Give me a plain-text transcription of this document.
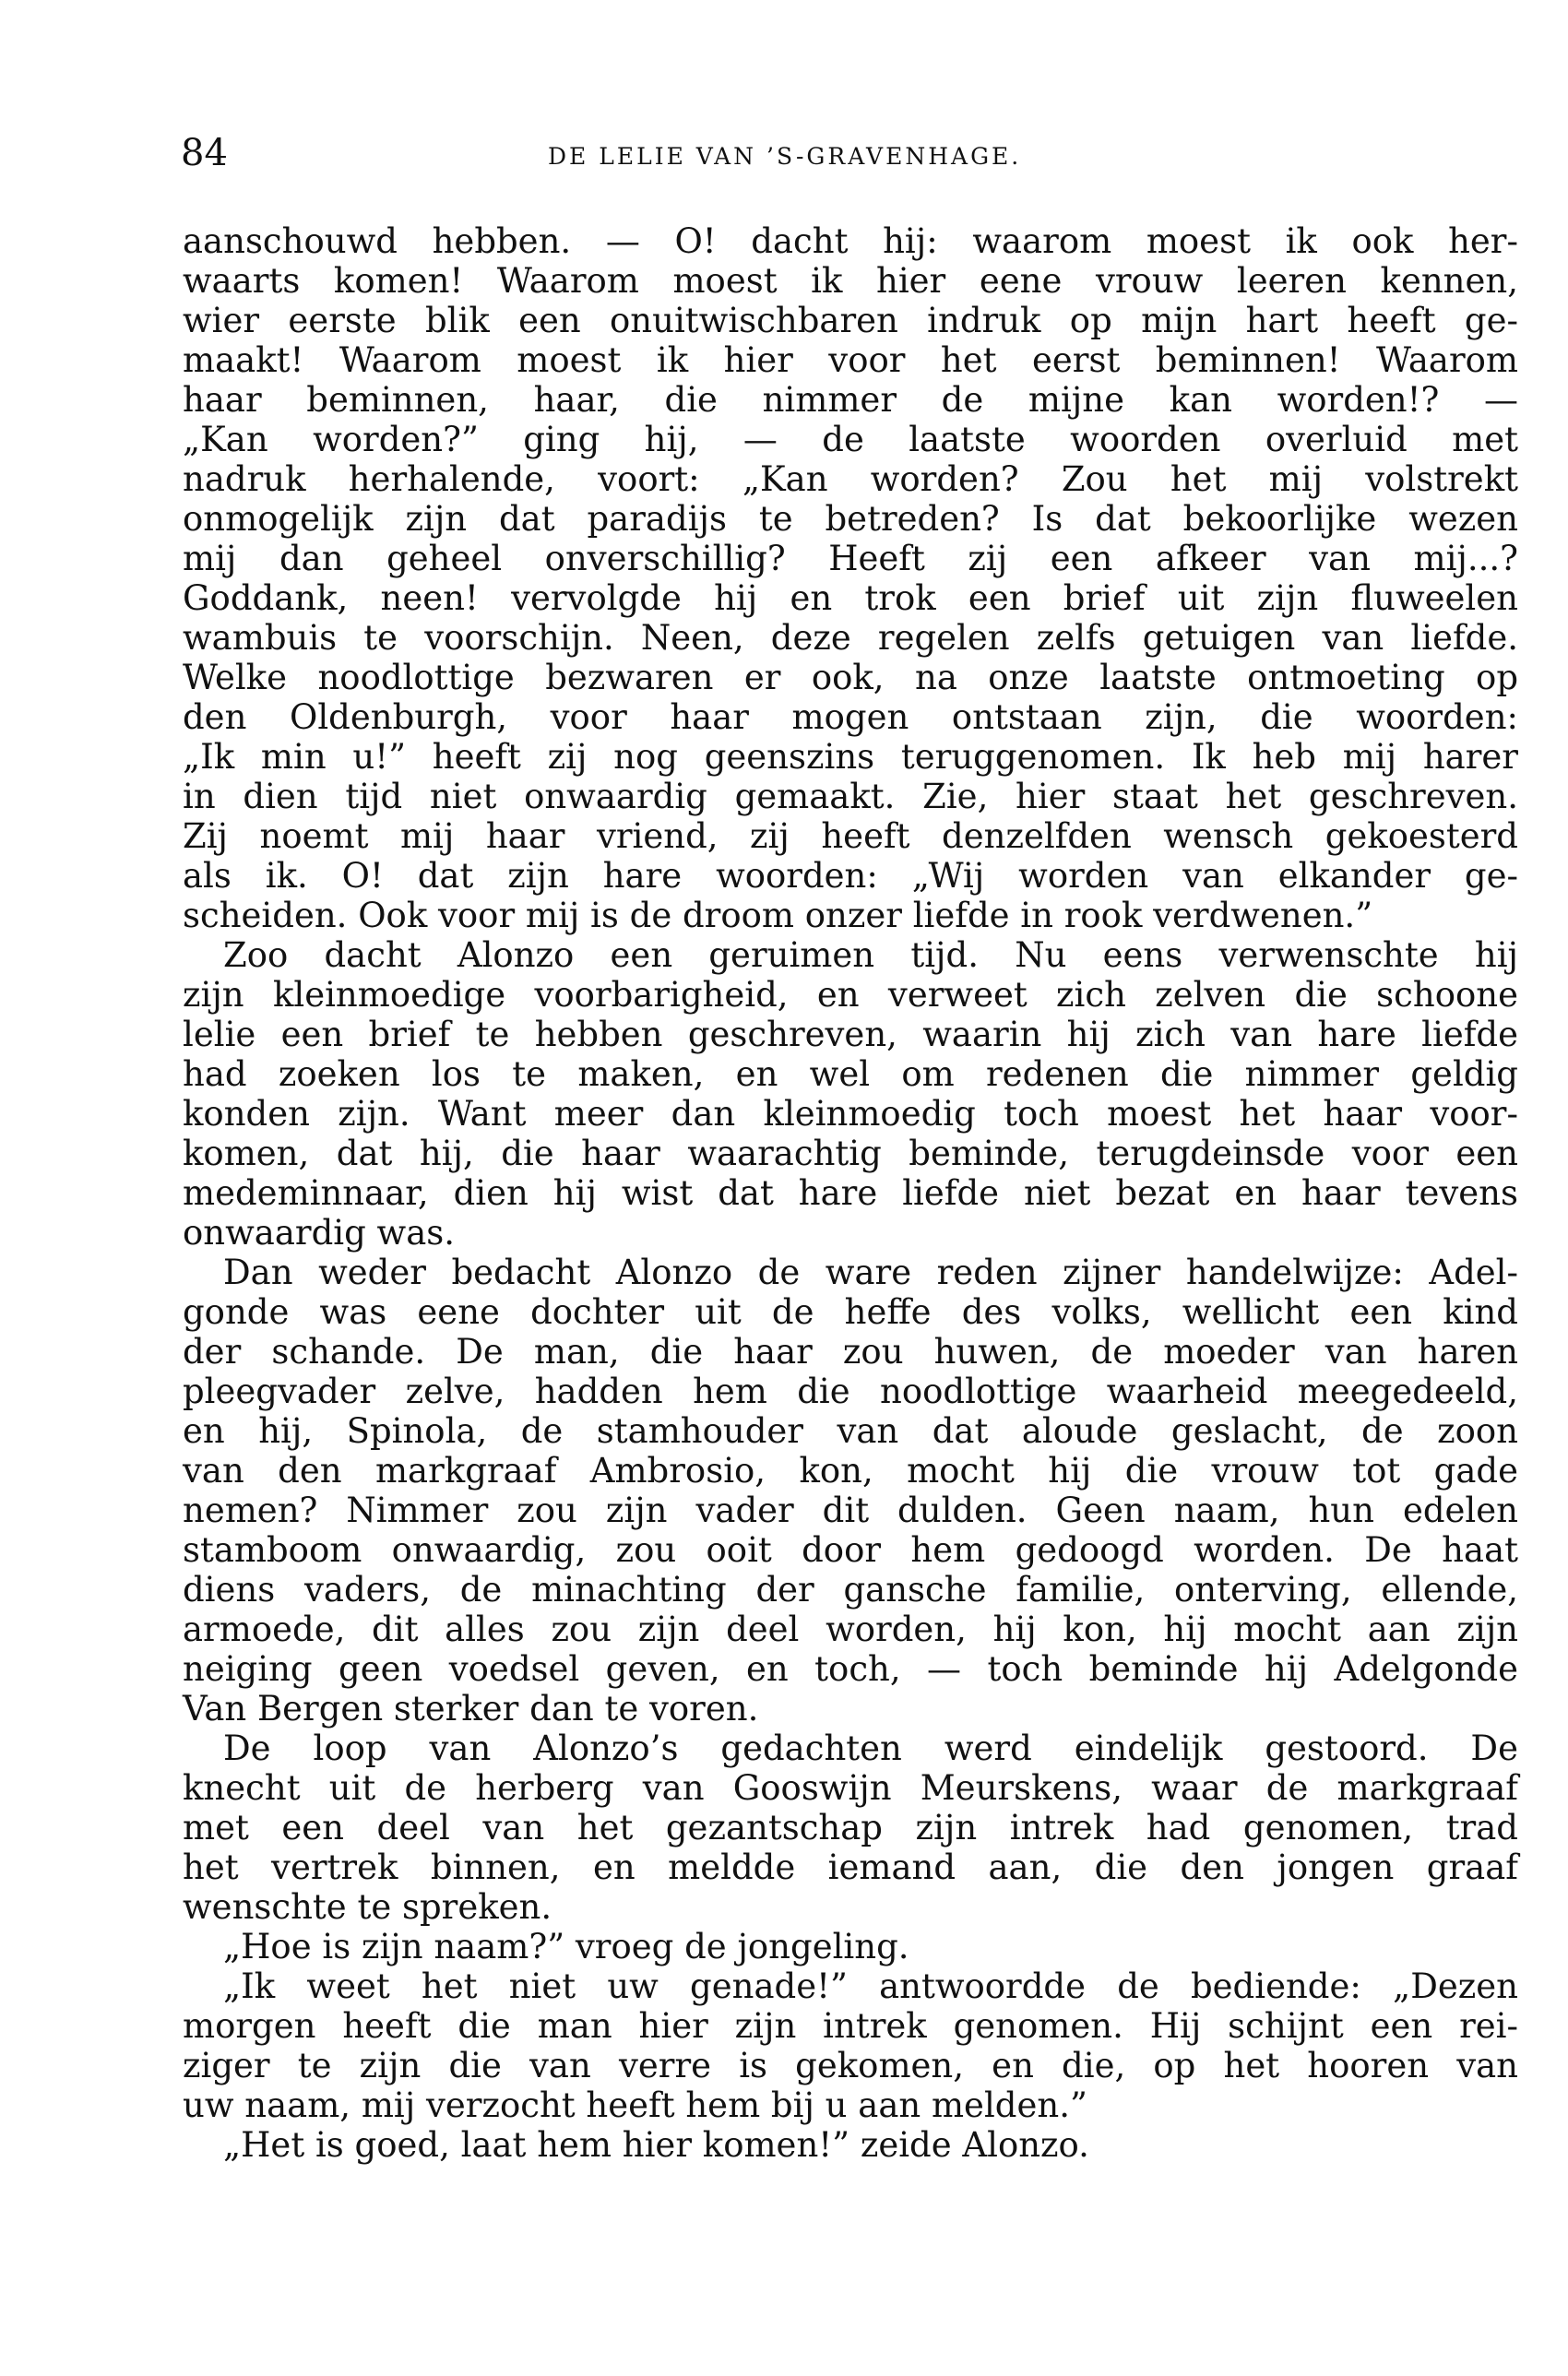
84	DE LELIE VAN ’S-GRAVENHAGE.
aanschouwd hebben. — O! dacht hij: waarom moest ik ook her-
waarts komen! Waarom moest ik hier eene vrouw leeren kennen,
wier eerste blik een onuitwischbaren indruk op mijn hart heeft ge-
maakt! Waarom moest ik hier voor het eerst beminnen! Waarom
haar beminnen, haar, die nimmer de mijne kan worden!? —
„Kan worden?” ging hij, — de laatste woorden overluid met
nadruk herhalende, voort: „Kan worden? Zou het mij volstrekt
onmogelijk zijn dat paradijs te betreden? Is dat bekoorlijke wezen
mij dan geheel onverschillig? Heeft zij een afkeer van mij...?
Goddank, neen! vervolgde hij en trok een brief uit zijn fluweelen
wambuis te voorschijn. Neen, deze regelen zelfs getuigen van liefde.
Welke noodlottige bezwaren er ook, na onze laatste ontmoeting op
den Oldenburgh, voor haar mogen ontstaan zijn, die woorden:
„Ik min u!” heeft zij nog geenszins teruggenomen. Ik heb mij harer
in dien tijd niet onwaardig gemaakt. Zie, hier staat het geschreven.
Zij noemt mij haar vriend, zij heeft denzelfden wensch gekoesterd
als ik. O! dat zijn hare woorden: „Wij worden van elkander ge-
scheiden. Ook voor mij is de droom onzer liefde in rook verdwenen.”
Zoo dacht Alonzo een geruimen tijd. Nu eens verwenschte hij
zijn kleinmoedige voorbarigheid, en verweet zich zelven die schoone
lelie een brief te hebben geschreven, waarin hij zich van hare liefde
had zoeken los te maken, en wel om redenen die nimmer geldig
konden zijn. Want meer dan kleinmoedig toch moest het haar voor-
komen, dat hij, die haar waarachtig beminde, terugdeinsde voor een
medeminnaar, dien hij wist dat hare liefde niet bezat en haar tevens
onwaardig was.
Dan weder bedacht Alonzo de ware reden zijner handelwijze: Adel-
gonde was eene dochter uit de heffe des volks, wellicht een kind
der schande. De man, die haar zou huwen, de moeder van haren
pleegvader zelve, hadden hem die noodlottige waarheid meegedeeld,
en hij, Spinola, de stamhouder van dat aloude geslacht, de zoon
van den markgraaf Ambrosio, kon, mocht hij die vrouw tot gade
nemen? Nimmer zou zijn vader dit dulden. Geen naam, hun edelen
stamboom onwaardig, zou ooit door hem gedoogd worden. De haat
diens vaders, de minachting der gansche familie, onterving, ellende,
armoede, dit alles zou zijn deel worden, hij kon, hij mocht aan zijn
neiging geen voedsel geven, en toch, — toch beminde hij Adelgonde
Van Bergen sterker dan te voren.
De loop van Alonzo’s gedachten werd eindelijk gestoord. De
knecht uit de herberg van Gooswijn Meurskens, waar de markgraaf
met een deel van het gezantschap zijn intrek had genomen, trad
het vertrek binnen, en meldde iemand aan, die den jongen graaf
wenschte te spreken.
„Hoe is zijn naam?” vroeg de jongeling.
„Ik weet het niet uw genade!” antwoordde de bediende: „Dezen
morgen heeft die man hier zijn intrek genomen. Hij schijnt een rei-
ziger te zijn die van verre is gekomen, en die, op het hooren van
uw naam, mij verzocht heeft hem bij u aan melden.”
„Het is goed, laat hem hier komen!” zeide Alonzo.
